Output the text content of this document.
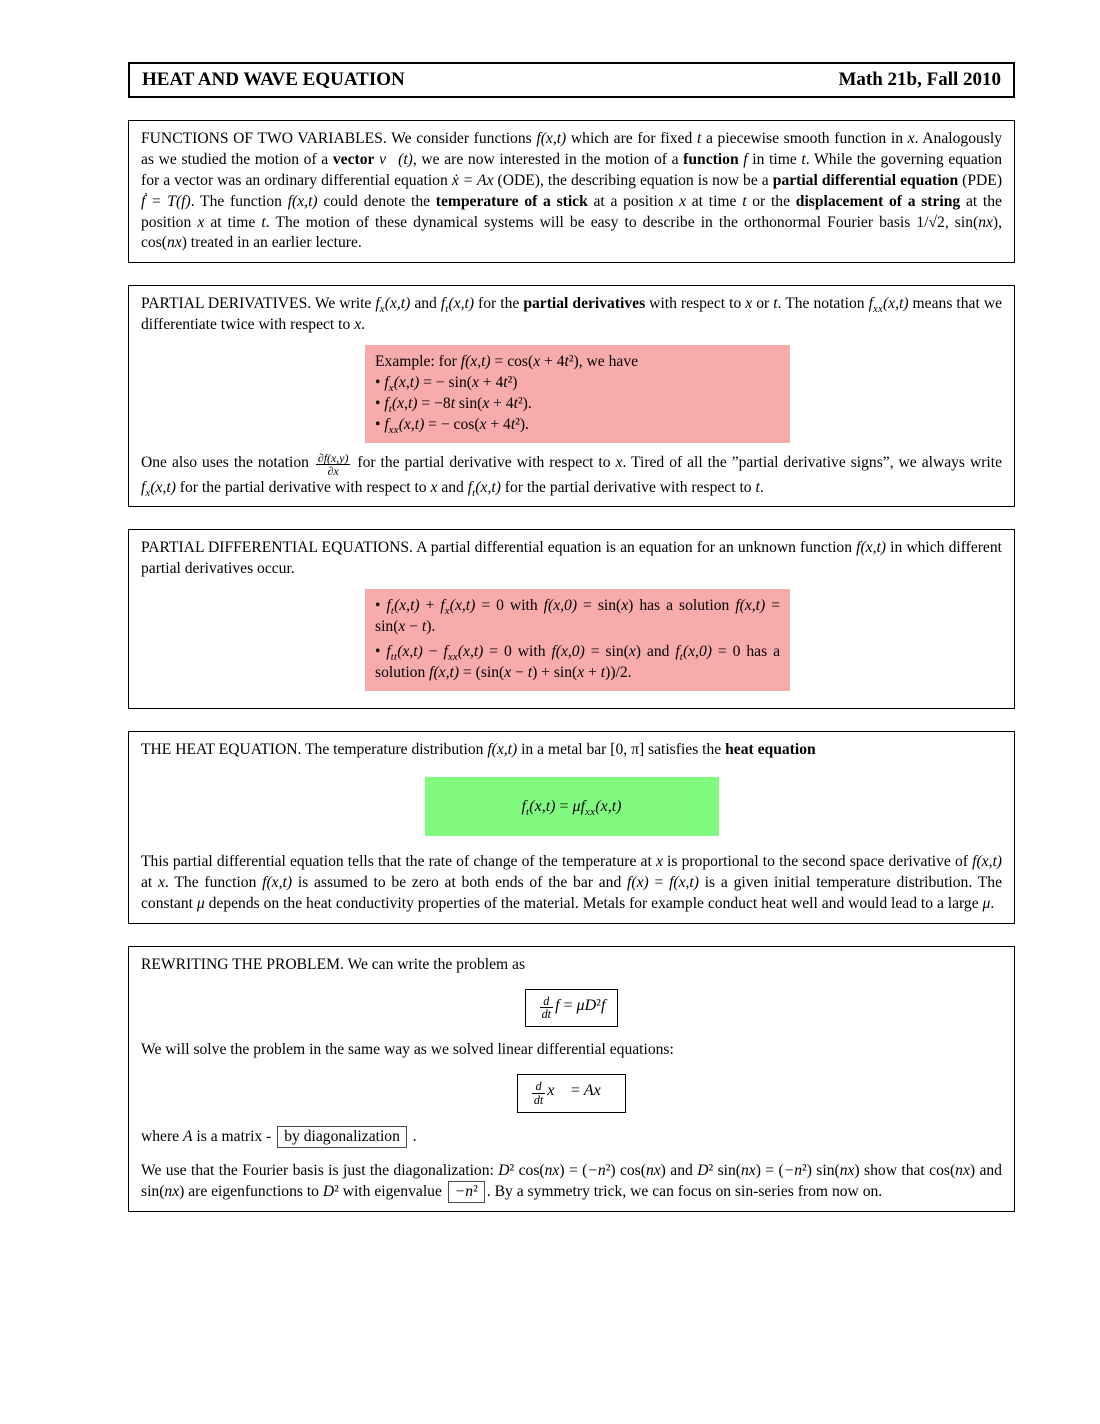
HEAT AND WAVE EQUATION	Math 21b, Fall 2010

FUNCTIONS OF TWO VARIABLES. We consider functions f(x,t) which are for fixed t a piecewise smooth function in x. Analogously as we studied the motion of a vector v⃗(t), we are now interested in the motion of a function f in time t. While the governing equation for a vector was an ordinary differential equation ẋ = Ax (ODE), the describing equation is now be a partial differential equation (PDE) ḟ = T(f). The function f(x,t) could denote the temperature of a stick at a position x at time t or the displacement of a string at the position x at time t. The motion of these dynamical systems will be easy to describe in the orthonormal Fourier basis 1/√2, sin(nx), cos(nx) treated in an earlier lecture.

PARTIAL DERIVATIVES. We write $f_x(x,t)$ and $f_t(x,t)$ for the partial derivatives with respect to x or t. The notation $f_{xx}(x,t)$ means that we differentiate twice with respect to x.

Example: for f(x,t) = cos(x + 4t²), we have
• $f_x(x,t)$ = − sin(x + 4t²)
• $f_t(x,t) = -8t$ sin(x + 4t²).
• $f_{xx}(x,t)$ = − cos(x + 4t²).

One also uses the notation $\frac{\partial f(x,y)}{\partial x}$ for the partial derivative with respect to x. Tired of all the ”partial derivative signs”, we always write $f_x(x,t)$ for the partial derivative with respect to x and $f_t(x,t)$ for the partial derivative with respect to t.

PARTIAL DIFFERENTIAL EQUATIONS. A partial differential equation is an equation for an unknown function f(x,t) in which different partial derivatives occur.

• $f_t(x,t) + f_x(x,t) = 0$ with f(x,0) = sin(x) has a solution f(x,t) = sin(x − t).

• $f_{tt}(x,t) - f_{xx}(x,t) = 0$ with f(x,0) = sin(x) and $f_t(x,0) = 0$ has a solution f(x,t) = (sin(x − t) + sin(x + t))/2.

THE HEAT EQUATION. The temperature distribution f(x,t) in a metal bar [0, π] satisfies the heat equation

$f_t(x,t) = \mu f_{xx}(x,t)$

This partial differential equation tells that the rate of change of the temperature at x is proportional to the second space derivative of f(x,t) at x. The function f(x,t) is assumed to be zero at both ends of the bar and f(x) = f(x,t) is a given initial temperature distribution. The constant μ depends on the heat conductivity properties of the material. Metals for example conduct heat well and would lead to a large μ.

REWRITING THE PROBLEM. We can write the problem as

$\frac{d}{dt}$ f = μD²f

We will solve the problem in the same way as we solved linear differential equations:

$\frac{d}{dt}$ x⃗ = Ax⃗

where A is a matrix - by diagonalization .

We use that the Fourier basis is just the diagonalization: D² cos(nx) = (−n²) cos(nx) and D² sin(nx) = (−n²) sin(nx) show that cos(nx) and sin(nx) are eigenfunctions to D² with eigenvalue −n² . By a symmetry trick, we can focus on sin-series from now on.
